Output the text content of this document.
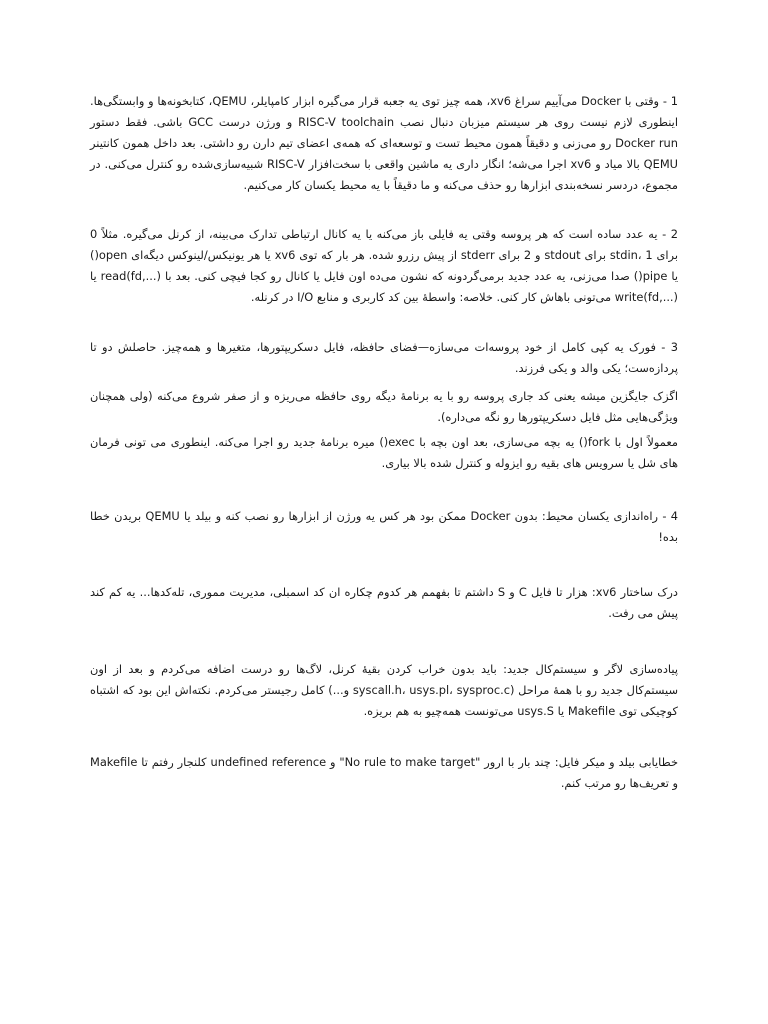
1 - وقتی با Docker می‌آییم سراغ xv6، همه چیز توی یه جعبه قرار می‌گیره ابزار کامپایلر، QEMU، کتابخونه‌ها و وابستگی‌ها. اینطوری لازم نیست روی هر سیستم میزبان دنبال نصب RISC-V toolchain و ورژن درست GCC باشی. فقط دستور Docker run رو می‌زنی و دقیقاً همون محیط تست و توسعه‌ای که همه‌ی اعضای تیم دارن رو داشتی. بعد داخل همون کانتینر QEMU بالا میاد و xv6 اجرا می‌شه؛ انگار داری یه ماشین واقعی با سخت‌افزار RISC-V شبیه‌سازی‌شده رو کنترل می‌کنی. در مجموع، دردسر نسخه‌بندی ابزارها رو حذف می‌کنه و ما دقیقاً با یه محیط یکسان کار می‌کنیم.

2 - یه عدد ساده است که هر پروسه وقتی یه فایلی باز می‌کنه یا یه کانال ارتباطی تدارک می‌بینه، از کرنل می‌گیره. مثلاً 0 برای stdin، 1 برای stdout و 2 برای stderr از پیش رزرو شده. هر بار که توی xv6 یا هر یونیکس/لینوکس دیگه‌ای open() یا pipe() صدا می‌زنی، یه عدد جدید برمی‌گردونه که نشون می‌ده اون فایل یا کانال رو کجا فیچی کنی. بعد با read(fd,...) یا write(fd,...) می‌تونی باهاش کار کنی. خلاصه: واسطهٔ بین کد کاربری و منابع I/O در کرنله.

3 - فورک یه کپی کامل از خود پروسه‌ات می‌سازه—فضای حافظه، فایل دسکریپتورها، متغیرها و همه‌چیز. حاصلش دو تا پردازه‌ست؛ یکی والد و یکی فرزند.

اگزک جایگزین میشه یعنی کد جاری پروسه رو با یه برنامهٔ دیگه روی حافظه می‌ریزه و از صفر شروع می‌کنه (ولی همچنان ویژگی‌هایی مثل فایل دسکریپتورها رو نگه می‌داره).

معمولاً اول با fork() یه بچه می‌سازی، بعد اون بچه با exec() میره برنامهٔ جدید رو اجرا می‌کنه. اینطوری می تونی فرمان های شل یا سرویس های بقیه رو ایزوله و کنترل شده بالا بیاری.

4 - راه‌اندازی یکسان محیط: بدون Docker ممکن بود هر کس یه ورژن از ابزارها رو نصب کنه و بیلد یا QEMU بریدن خطا بده!

درک ساختار xv6: هزار تا فایل C و S داشتم تا بفهمم هر کدوم چکاره ان کد اسمبلی، مدیریت مموری، تله‌کدها... یه کم کند پیش می رفت.

پیاده‌سازی لاگر و سیستم‌کال جدید: باید بدون خراب کردن بقیهٔ کرنل، لاگ‌ها رو درست اضافه می‌کردم و بعد از اون سیستم‌کال جدید رو با همهٔ مراحل (syscall.h، usys.pl، sysproc.c و...) کامل رجیستر می‌کردم. نکته‌اش این بود که اشتباه کوچیکی توی Makefile یا usys.S می‌تونست همه‌چیو به هم بریزه.

خطایابی بیلد و میکر فایل: چند بار با ارور "No rule to make target" و undefined reference کلنجار رفتم تا Makefile و تعریف‌ها رو مرتب کنم.
